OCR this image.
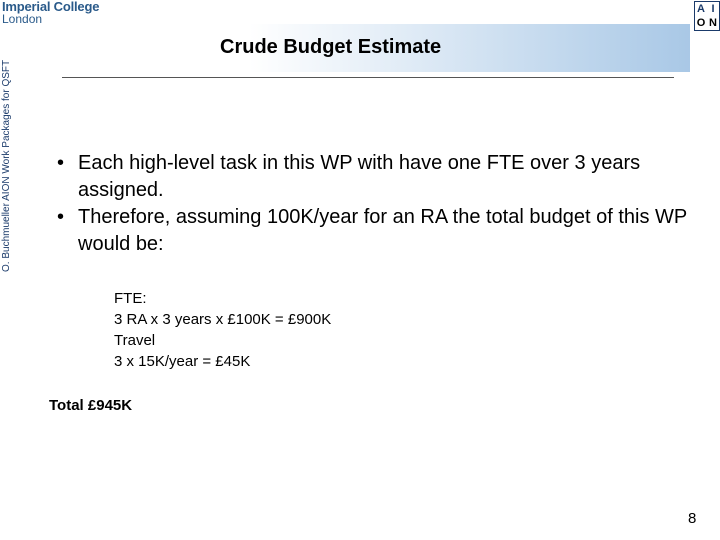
Imperial College
London
O. Buchmueller AION Work Packages for QSFT
Crude Budget Estimate
A I
O N
• Each high-level task in this WP with have one FTE over 3 years assigned.
• Therefore, assuming 100K/year for an RA the total budget of this WP would be:
FTE:
3 RA x 3 years x £100K = £900K
Travel
3 x 15K/year = £45K
Total £945K
8
